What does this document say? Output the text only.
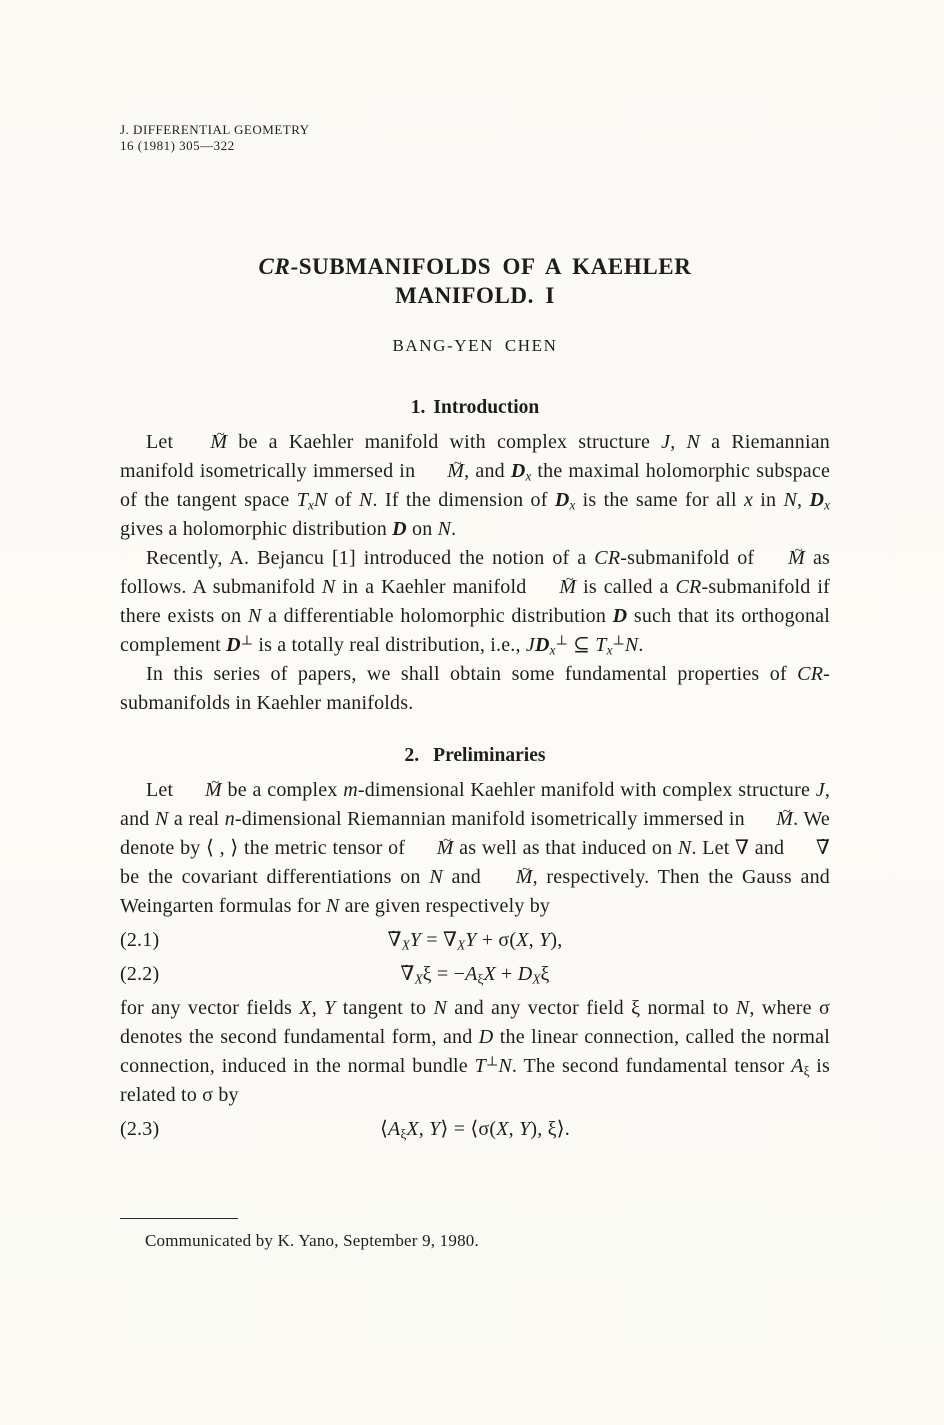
J. DIFFERENTIAL GEOMETRY
16 (1981) 305—322
CR-SUBMANIFOLDS OF A KAEHLER
MANIFOLD. I
BANG-YEN CHEN
1. Introduction

Let M ~ be a Kaehler manifold with complex structure J, N a Riemannian manifold isometrically immersed in M ~, and $D_x$ the maximal holomorphic subspace of the tangent space $T_xN$ of N. If the dimension of $D_x$ is the same for all x in N, $D_x$ gives a holomorphic distribution D on N.

Recently, A. Bejancu [1] introduced the notion of a CR-submanifold of M ~ as follows. A submanifold N in a Kaehler manifold M ~ is called a CR-submanifold if there exists on N a differentiable holomorphic distribution D such that its orthogonal complement D⊥ is a totally real distribution, i.e., $JD_x^\perp$ ⊆ $T_x^\perp N$.

In this series of papers, we shall obtain some fundamental properties of CR-submanifolds in Kaehler manifolds.

2. Preliminaries

Let M ~ be a complex m-dimensional Kaehler manifold with complex structure J, and N a real n-dimensional Riemannian manifold isometrically immersed in M ~. We denote by ⟨ , ⟩ the metric tensor of M ~ as well as that induced on N. Let ∇ and ∇ ~ be the covariant differentiations on N and M ~, respectively. Then the Gauss and Weingarten formulas for N are given respectively by

(2.1)	∇ $\sim_XY = \nabla_XY + \sigma(X$, Y),
(2.2)	∇ $\sim_X\xi = -A_\xi X + D_X\xi$

for any vector fields X, Y tangent to N and any vector field ξ normal to N, where σ denotes the second fundamental form, and D the linear connection, called the normal connection, induced in the normal bundle T⊥N. The second fundamental tensor $A_\xi$ is related to σ by

(2.3)	$⟨A_\xi X$, Y⟩ = ⟨σ(X, Y), ξ⟩.
Communicated by K. Yano, September 9, 1980.
